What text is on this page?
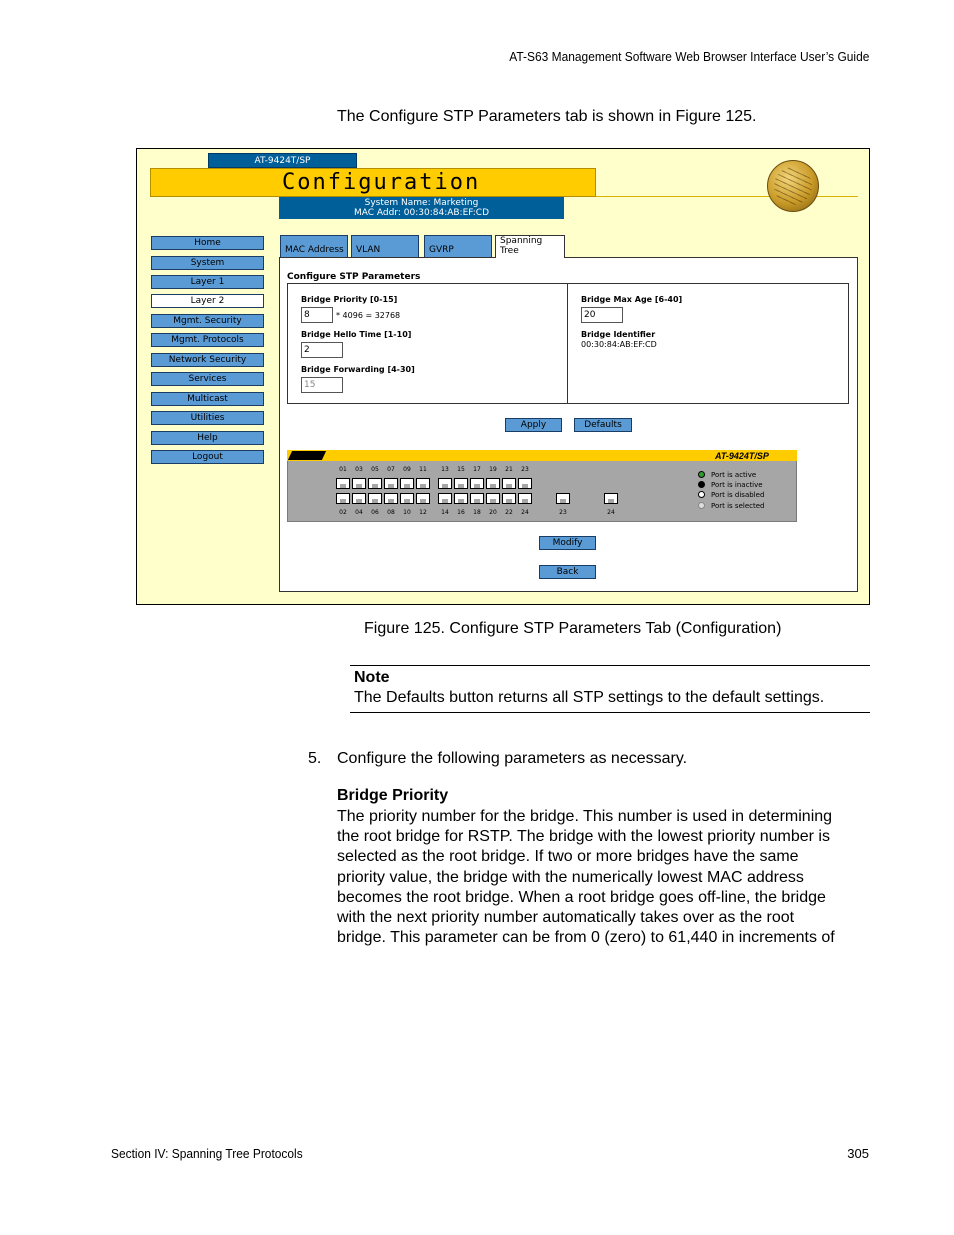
AT-S63 Management Software Web Browser Interface User’s Guide
The Configure STP Parameters tab is shown in Figure 125.
AT-9424T/SP
Configuration
System Name: Marketing
MAC Addr: 00:30:84:AB:EF:CD
Home
System
Layer 1
Layer 2
Mgmt. Security
Mgmt. Protocols
Network Security
Services
Multicast
Utilities
Help
Logout
MAC Address	VLAN	GVRP
Spanning
Tree
Configure STP Parameters
Bridge Priority [0-15]
8	* 4096 = 32768
Bridge Hello Time [1-10]
2
Bridge Forwarding [4-30]
15
Bridge Max Age [6-40]
20
Bridge Identifier
00:30:84:AB:EF:CD
Apply	Defaults
AT-9424T/SP
01
02
03
04
05
06
07
08
09
10
11
12
13
14
15
16
17
18
19
20
21
22
23
24	23	24
Port is active
Port is inactive
Port is disabled
Port is selected
Modify
Back
Figure 125. Configure STP Parameters Tab (Configuration)
Note
The Defaults button returns all STP settings to the default settings.
5. Configure the following parameters as necessary.
Bridge Priority
The priority number for the bridge. This number is used in determining
the root bridge for RSTP. The bridge with the lowest priority number is
selected as the root bridge. If two or more bridges have the same
priority value, the bridge with the numerically lowest MAC address
becomes the root bridge. When a root bridge goes off-line, the bridge
with the next priority number automatically takes over as the root
bridge. This parameter can be from 0 (zero) to 61,440 in increments of
Section IV: Spanning Tree Protocols	305
